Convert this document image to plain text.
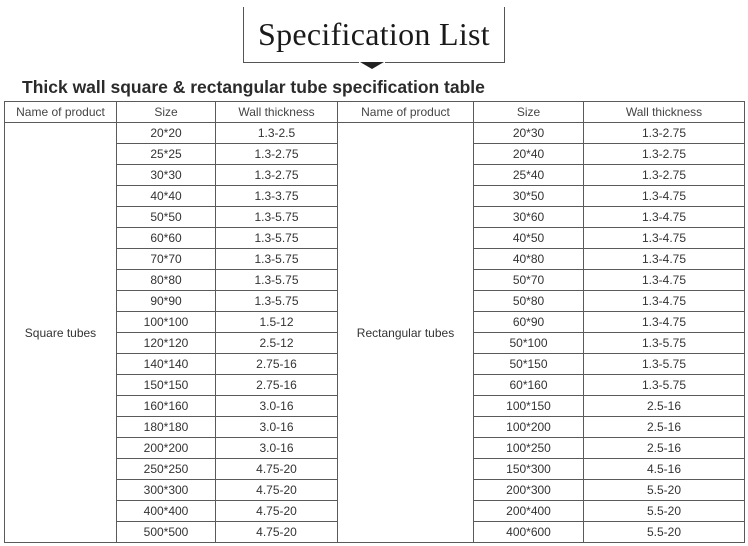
Specification List
Thick wall square & rectangular tube specification table
Name of product	Size	Wall thickness	Name of product	Size	Wall thickness
Square tubes	20*20	1.3-2.5	Rectangular tubes	20*30	1.3-2.75
	25*25	1.3-2.75		20*40	1.3-2.75
	30*30	1.3-2.75		25*40	1.3-2.75
	40*40	1.3-3.75		30*50	1.3-4.75
	50*50	1.3-5.75		30*60	1.3-4.75
	60*60	1.3-5.75		40*50	1.3-4.75
	70*70	1.3-5.75		40*80	1.3-4.75
	80*80	1.3-5.75		50*70	1.3-4.75
	90*90	1.3-5.75		50*80	1.3-4.75
	100*100	1.5-12		60*90	1.3-4.75
	120*120	2.5-12		50*100	1.3-5.75
	140*140	2.75-16		50*150	1.3-5.75
	150*150	2.75-16		60*160	1.3-5.75
	160*160	3.0-16		100*150	2.5-16
	180*180	3.0-16		100*200	2.5-16
	200*200	3.0-16		100*250	2.5-16
	250*250	4.75-20		150*300	4.5-16
	300*300	4.75-20		200*300	5.5-20
	400*400	4.75-20		200*400	5.5-20
	500*500	4.75-20		400*600	5.5-20
